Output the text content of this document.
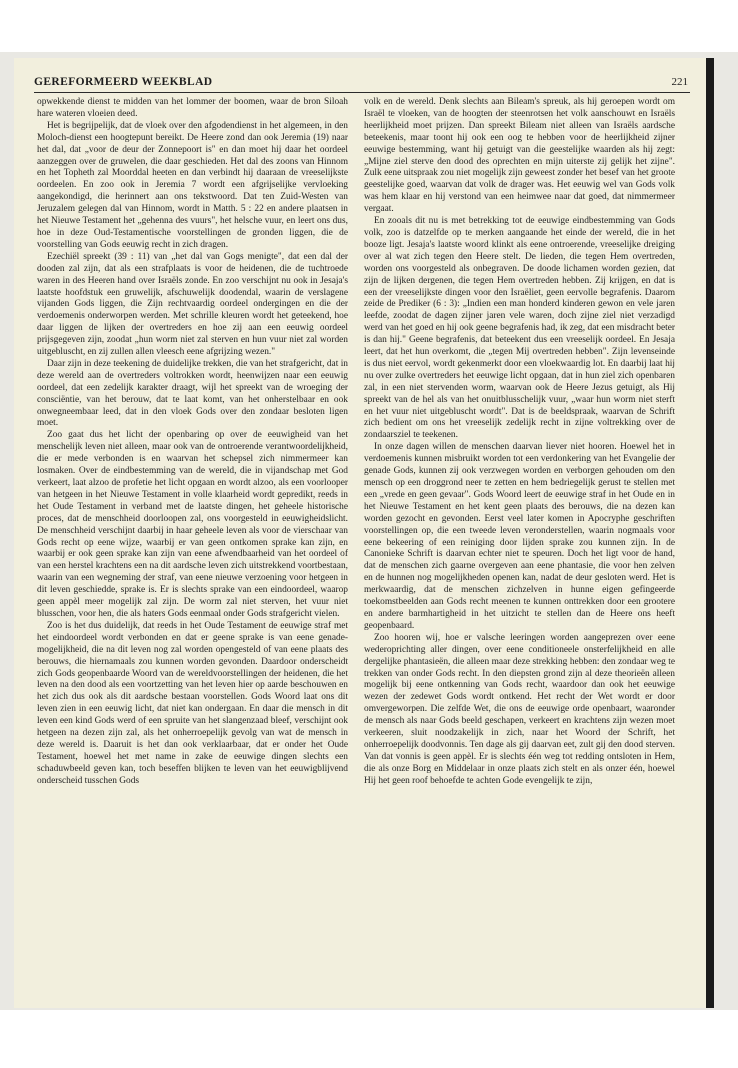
GEREFORMEERD WEEKBLAD	221

opwekkende dienst te midden van het lommer der boomen, waar de bron Siloah hare wateren vloeien deed.

Het is begrijpelijk, dat de vloek over den afgodendienst in het algemeen, in den Moloch-dienst een hoogtepunt bereikt. De Heere zond dan ook Jeremia (19) naar het dal, dat „voor de deur der Zonnepoort is" en dan moet hij daar het oordeel aanzeggen over de gruwelen, die daar geschieden. Het dal des zoons van Hinnom en het Topheth zal Moorddal heeten en dan verbindt hij daaraan de vreeselijkste oordeelen. En zoo ook in Jeremia 7 wordt een afgrijselijke vervloeking aangekondigd, die herinnert aan ons tekstwoord. Dat ten Zuid-Westen van Jeruzalem gelegen dal van Hinnom, wordt in Matth. 5 : 22 en andere plaatsen in het Nieuwe Testament het „gehenna des vuurs", het helsche vuur, en leert ons dus, hoe in deze Oud-Testamentische voorstellingen de gronden liggen, die de voorstelling van Gods eeuwig recht in zich dragen.

Ezechiël spreekt (39 : 11) van „het dal van Gogs menigte", dat een dal der dooden zal zijn, dat als een strafplaats is voor de heidenen, die de tuchtroede waren in des Heeren hand over Israëls zonde. En zoo verschijnt nu ook in Jesaja's laatste hoofdstuk een gruwelijk, afschuwelijk doodendal, waarin de verslagene vijanden Gods liggen, die Zijn rechtvaardig oordeel ondergingen en die der verdoemenis onderworpen werden. Met schrille kleuren wordt het geteekend, hoe daar liggen de lijken der overtreders en hoe zij aan een eeuwig oordeel prijsgegeven zijn, zoodat „hun worm niet zal sterven en hun vuur niet zal worden uitgebluscht, en zij zullen allen vleesch eene afgrijzing wezen."

Daar zijn in deze teekening de duidelijke trekken, die van het strafgericht, dat in deze wereld aan de overtreders voltrokken wordt, heenwijzen naar een eeuwig oordeel, dat een zedelijk karakter draagt, wijl het spreekt van de wroeging der consciëntie, van het berouw, dat te laat komt, van het onherstelbaar en ook onwegneembaar leed, dat in den vloek Gods over den zondaar besloten ligen moet.

Zoo gaat dus het licht der openbaring op over de eeuwigheid van het menschelijk leven niet alleen, maar ook van de ontroerende verantwoordelijkheid, die er mede verbonden is en waarvan het schepsel zich nimmermeer kan losmaken. Over de eindbestemming van de wereld, die in vijandschap met God verkeert, laat alzoo de profetie het licht opgaan en wordt alzoo, als een voorlooper van hetgeen in het Nieuwe Testament in volle klaarheid wordt gepredikt, reeds in het Oude Testament in verband met de laatste dingen, het geheele historische proces, dat de menschheid doorloopen zal, ons voorgesteld in eeuwigheidslicht. De menschheid verschijnt daarbij in haar geheele leven als voor de vierschaar van Gods recht op eene wijze, waarbij er van geen ontkomen sprake kan zijn, en waarbij er ook geen sprake kan zijn van eene afwendbaarheid van het oordeel of van een herstel krachtens een na dit aardsche leven zich uitstrekkend voortbestaan, waarin van een wegneming der straf, van eene nieuwe verzoening voor hetgeen in dit leven geschiedde, sprake is. Er is slechts sprake van een eindoordeel, waarop geen appèl meer mogelijk zal zijn. De worm zal niet sterven, het vuur niet blusschen, voor hen, die als haters Gods eenmaal onder Gods strafgericht vielen.

Zoo is het dus duidelijk, dat reeds in het Oude Testament de eeuwige straf met het eindoordeel wordt verbonden en dat er geene sprake is van eene genade-mogelijkheid, die na dit leven nog zal worden opengesteld of van eene plaats des berouws, die hiernamaals zou kunnen worden gevonden. Daardoor onderscheidt zich Gods geopenbaarde Woord van de wereldvoorstellingen der heidenen, die het leven na den dood als een voortzetting van het leven hier op aarde beschouwen en het zich dus ook als dit aardsche bestaan voorstellen. Gods Woord laat ons dit leven zien in een eeuwig licht, dat niet kan ondergaan. En daar die mensch in dit leven een kind Gods werd of een spruite van het slangenzaad bleef, verschijnt ook hetgeen na dezen zijn zal, als het onherroepelijk gevolg van wat de mensch in deze wereld is. Daaruit is het dan ook verklaarbaar, dat er onder het Oude Testament, hoewel het met name in zake de eeuwige dingen slechts een schaduwbeeld geven kan, toch beseffen blijken te leven van het eeuwigblijvend onderscheid tusschen Gods

volk en de wereld. Denk slechts aan Bileam's spreuk, als hij geroepen wordt om Israël te vloeken, van de hoogten der steenrotsen het volk aanschouwt en Israëls heerlijkheid moet prijzen. Dan spreekt Bileam niet alleen van Israëls aardsche beteekenis, maar toont hij ook een oog te hebben voor de heerlijkheid zijner eeuwige bestemming, want hij getuigt van die geestelijke waarden als hij zegt: „Mijne ziel sterve den dood des oprechten en mijn uiterste zij gelijk het zijne". Zulk eene uitspraak zou niet mogelijk zijn geweest zonder het besef van het groote geestelijke goed, waarvan dat volk de drager was. Het eeuwig wel van Gods volk was hem klaar en hij verstond van een heimwee naar dat goed, dat nimmermeer vergaat.

En zooals dit nu is met betrekking tot de eeuwige eindbestemming van Gods volk, zoo is datzelfde op te merken aangaande het einde der wereld, die in het booze ligt. Jesaja's laatste woord klinkt als eene ontroerende, vreeselijke dreiging over al wat zich tegen den Heere stelt. De lieden, die tegen Hem overtreden, worden ons voorgesteld als onbegraven. De doode lichamen worden gezien, dat zijn de lijken dergenen, die tegen Hem overtreden hebben. Zij krijgen, en dat is een der vreeselijkste dingen voor den Israëliet, geen eervolle begrafenis. Daarom zeide de Prediker (6 : 3): „Indien een man honderd kinderen gewon en vele jaren leefde, zoodat de dagen zijner jaren vele waren, doch zijne ziel niet verzadigd werd van het goed en hij ook geene begrafenis had, ik zeg, dat een misdracht beter is dan hij." Geene begrafenis, dat beteekent dus een vreeselijk oordeel. En Jesaja leert, dat het hun overkomt, die „tegen Mij overtreden hebben". Zijn levenseinde is dus niet eervol, wordt gekenmerkt door een vloekwaardig lot. En daarbij laat hij nu over zulke overtreders het eeuwige licht opgaan, dat in hun ziel zich openbaren zal, in een niet stervenden worm, waarvan ook de Heere Jezus getuigt, als Hij spreekt van de hel als van het onuitblusschelijk vuur, „waar hun worm niet sterft en het vuur niet uitgebluscht wordt". Dat is de beeldspraak, waarvan de Schrift zich bedient om ons het vreeselijk zedelijk recht in zijne voltrekking over de zondaarsziel te teekenen.

In onze dagen willen de menschen daarvan liever niet hooren. Hoewel het in verdoemenis kunnen misbruikt worden tot een verdonkering van het Evangelie der genade Gods, kunnen zij ook verzwegen worden en verborgen gehouden om den mensch op een droggrond neer te zetten en hem bedriegelijk gerust te stellen met een „vrede en geen gevaar". Gods Woord leert de eeuwige straf in het Oude en in het Nieuwe Testament en het kent geen plaats des berouws, die na dezen kan worden gezocht en gevonden. Eerst veel later komen in Apocryphe geschriften voorstellingen op, die een tweede leven veronderstellen, waarin nogmaals voor eene bekeering of een reiniging door lijden sprake zou kunnen zijn. In de Canonieke Schrift is daarvan echter niet te speuren. Doch het ligt voor de hand, dat de menschen zich gaarne overgeven aan eene phantasie, die voor hen zelven en de hunnen nog mogelijkheden openen kan, nadat de deur gesloten werd. Het is merkwaardig, dat de menschen zichzelven in hunne eigen gefingeerde toekomstbeelden aan Gods recht meenen te kunnen onttrekken door een grootere en andere barmhartigheid in het uitzicht te stellen dan de Heere ons heeft geopenbaard.

Zoo hooren wij, hoe er valsche leeringen worden aangeprezen over eene wederoprichting aller dingen, over eene conditioneele onsterfelijkheid en alle dergelijke phantasieën, die alleen maar deze strekking hebben: den zondaar weg te trekken van onder Gods recht. In den diepsten grond zijn al deze theorieën alleen mogelijk bij eene ontkenning van Gods recht, waardoor dan ook het eeuwige wezen der zedewet Gods wordt ontkend. Het recht der Wet wordt er door omvergeworpen. Die zelfde Wet, die ons de eeuwige orde openbaart, waaronder de mensch als naar Gods beeld geschapen, verkeert en krachtens zijn wezen moet verkeeren, sluit noodzakelijk in zich, naar het Woord der Schrift, het onherroepelijk doodvonnis. Ten dage als gij daarvan eet, zult gij den dood sterven. Van dat vonnis is geen appèl. Er is slechts één weg tot redding ontsloten in Hem, die als onze Borg en Middelaar in onze plaats zich stelt en als onzer één, hoewel Hij het geen roof behoefde te achten Gode evengelijk te zijn,
